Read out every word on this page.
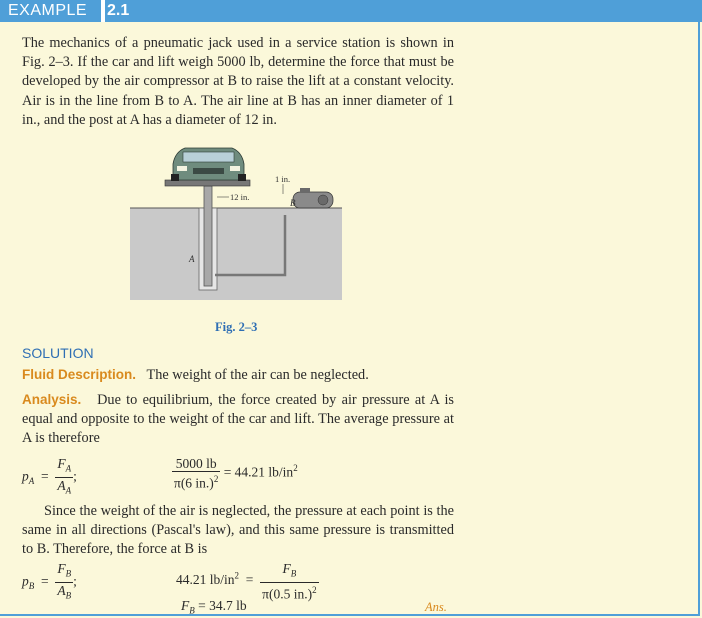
EXAMPLE	2.1
The mechanics of a pneumatic jack used in a service station is shown in Fig. 2–3. If the car and lift weigh 5000 lb, determine the force that must be developed by the air compressor at B to raise the lift at a constant velocity. Air is in the line from B to A. The air line at B has an inner diameter of 1 in., and the post at A has a diameter of 12 in.
12 in.
A
B
1 in.
Fig. 2–3
SOLUTION
Fluid Description. The weight of the air can be neglected.
Analysis. Due to equilibrium, the force created by air pressure at A is equal and opposite to the weight of the car and lift. The average pressure at A is therefore
$p_A = \frac{F_A}{A_A}$ ;	$\frac{5000 lb}{\pi(6 in.)^2} = 44.21$ $lb/in^2$
Since the weight of the air is neglected, the pressure at each point is the same in all directions (Pascal's law), and this same pressure is transmitted to B. Therefore, the force at B is
$p_B = \frac{F_B}{A_B}$ ;	44.21 $lb/in^2 = \frac{F_B}{\pi(0.5 in.)^2}$
$F_B = 34.7$ lb	Ans.
